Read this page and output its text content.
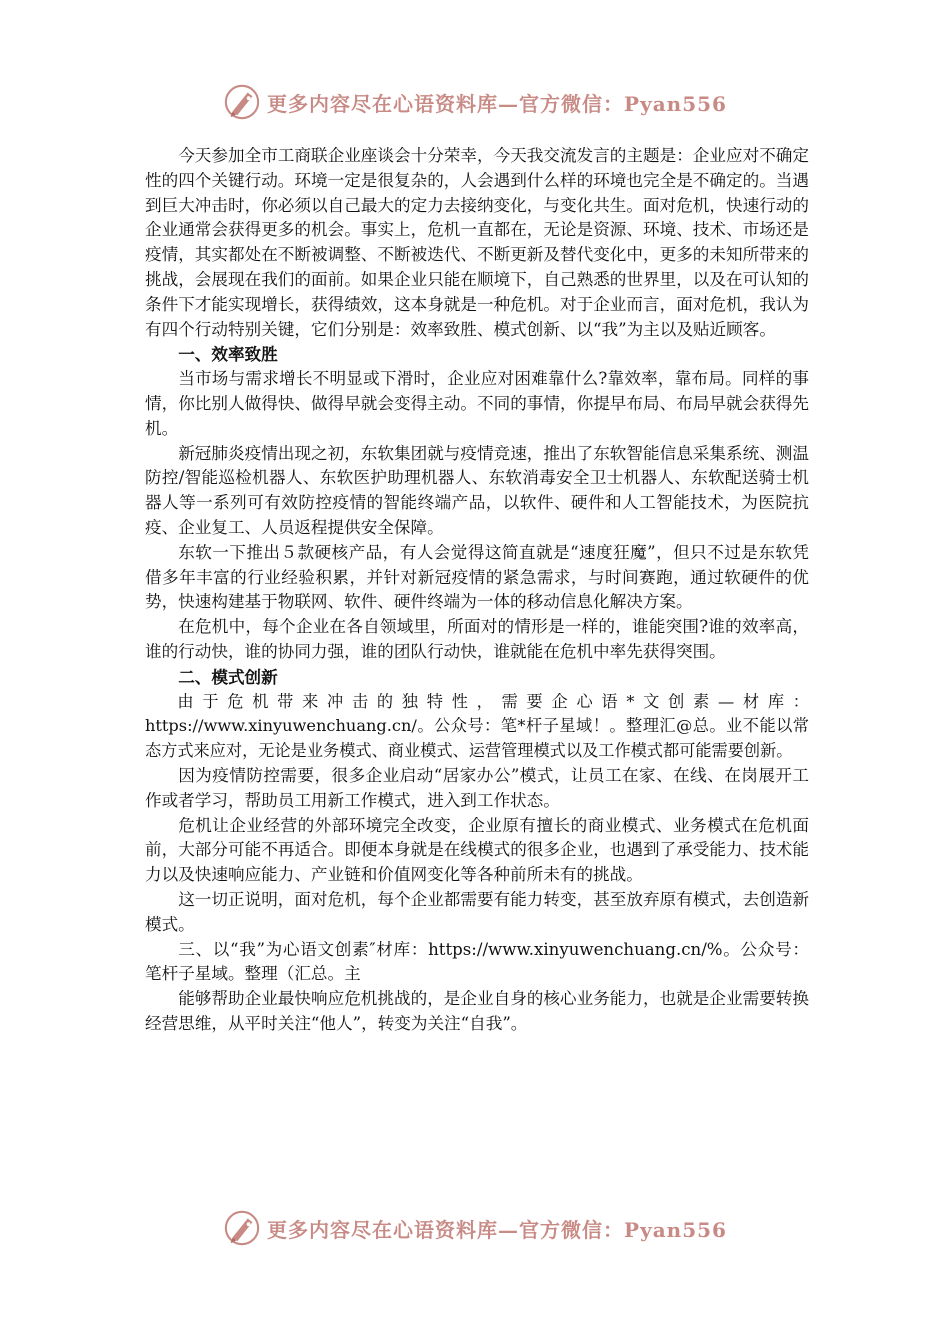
更多内容尽在心语资料库—官方微信：Pyan556

今天参加全市工商联企业座谈会十分荣幸，今天我交流发言的主题是：企业应对不确定性的四个关键行动。环境一定是很复杂的，人会遇到什么样的环境也完全是不确定的。当遇到巨大冲击时，你必须以自己最大的定力去接纳变化，与变化共生。面对危机，快速行动的企业通常会获得更多的机会。事实上，危机一直都在，无论是资源、环境、技术、市场还是疫情，其实都处在不断被调整、不断被迭代、不断更新及替代变化中，更多的未知所带来的挑战，会展现在我们的面前。如果企业只能在顺境下，自己熟悉的世界里，以及在可认知的条件下才能实现增长，获得绩效，这本身就是一种危机。对于企业而言，面对危机，我认为有四个行动特别关键，它们分别是：效率致胜、模式创新、以“我”为主以及贴近顾客。

一、效率致胜

当市场与需求增长不明显或下滑时，企业应对困难靠什么?靠效率，靠布局。同样的事情，你比别人做得快、做得早就会变得主动。不同的事情，你提早布局、布局早就会获得先机。

新冠肺炎疫情出现之初，东软集团就与疫情竞速，推出了东软智能信息采集系统、测温防控/智能巡检机器人、东软医护助理机器人、东软消毒安全卫士机器人、东软配送骑士机器人等一系列可有效防控疫情的智能终端产品，以软件、硬件和人工智能技术，为医院抗疫、企业复工、人员返程提供安全保障。

东软一下推出５款硬核产品，有人会觉得这简直就是“速度狂魔”，但只不过是东软凭借多年丰富的行业经验积累，并针对新冠疫情的紧急需求，与时间赛跑，通过软硬件的优势，快速构建基于物联网、软件、硬件终端为一体的移动信息化解决方案。

在危机中，每个企业在各自领域里，所面对的情形是一样的，谁能突围?谁的效率高，谁的行动快，谁的协同力强，谁的团队行动快，谁就能在危机中率先获得突围。

二、模式创新

由于危机带来冲击的独特性，需要企心语*文创素—材库：https://www.xinyuwenchuang.cn/。公众号：笔*杆子星域！。整理汇@总。业不能以常态方式来应对，无论是业务模式、商业模式、运营管理模式以及工作模式都可能需要创新。

因为疫情防控需要，很多企业启动“居家办公”模式，让员工在家、在线、在岗展开工作或者学习，帮助员工用新工作模式，进入到工作状态。

危机让企业经营的外部环境完全改变，企业原有擅长的商业模式、业务模式在危机面前，大部分可能不再适合。即便本身就是在线模式的很多企业，也遇到了承受能力、技术能力以及快速响应能力、产业链和价值网变化等各种前所未有的挑战。

这一切正说明，面对危机，每个企业都需要有能力转变，甚至放弃原有模式，去创造新模式。

三、以“我”为心语文创素″材库：https://www.xinyuwenchuang.cn/%。公众号：笔杆子星域。整理（汇总。主

能够帮助企业最快响应危机挑战的，是企业自身的核心业务能力，也就是企业需要转换经营思维，从平时关注“他人”，转变为关注“自我”。

更多内容尽在心语资料库—官方微信：Pyan556
